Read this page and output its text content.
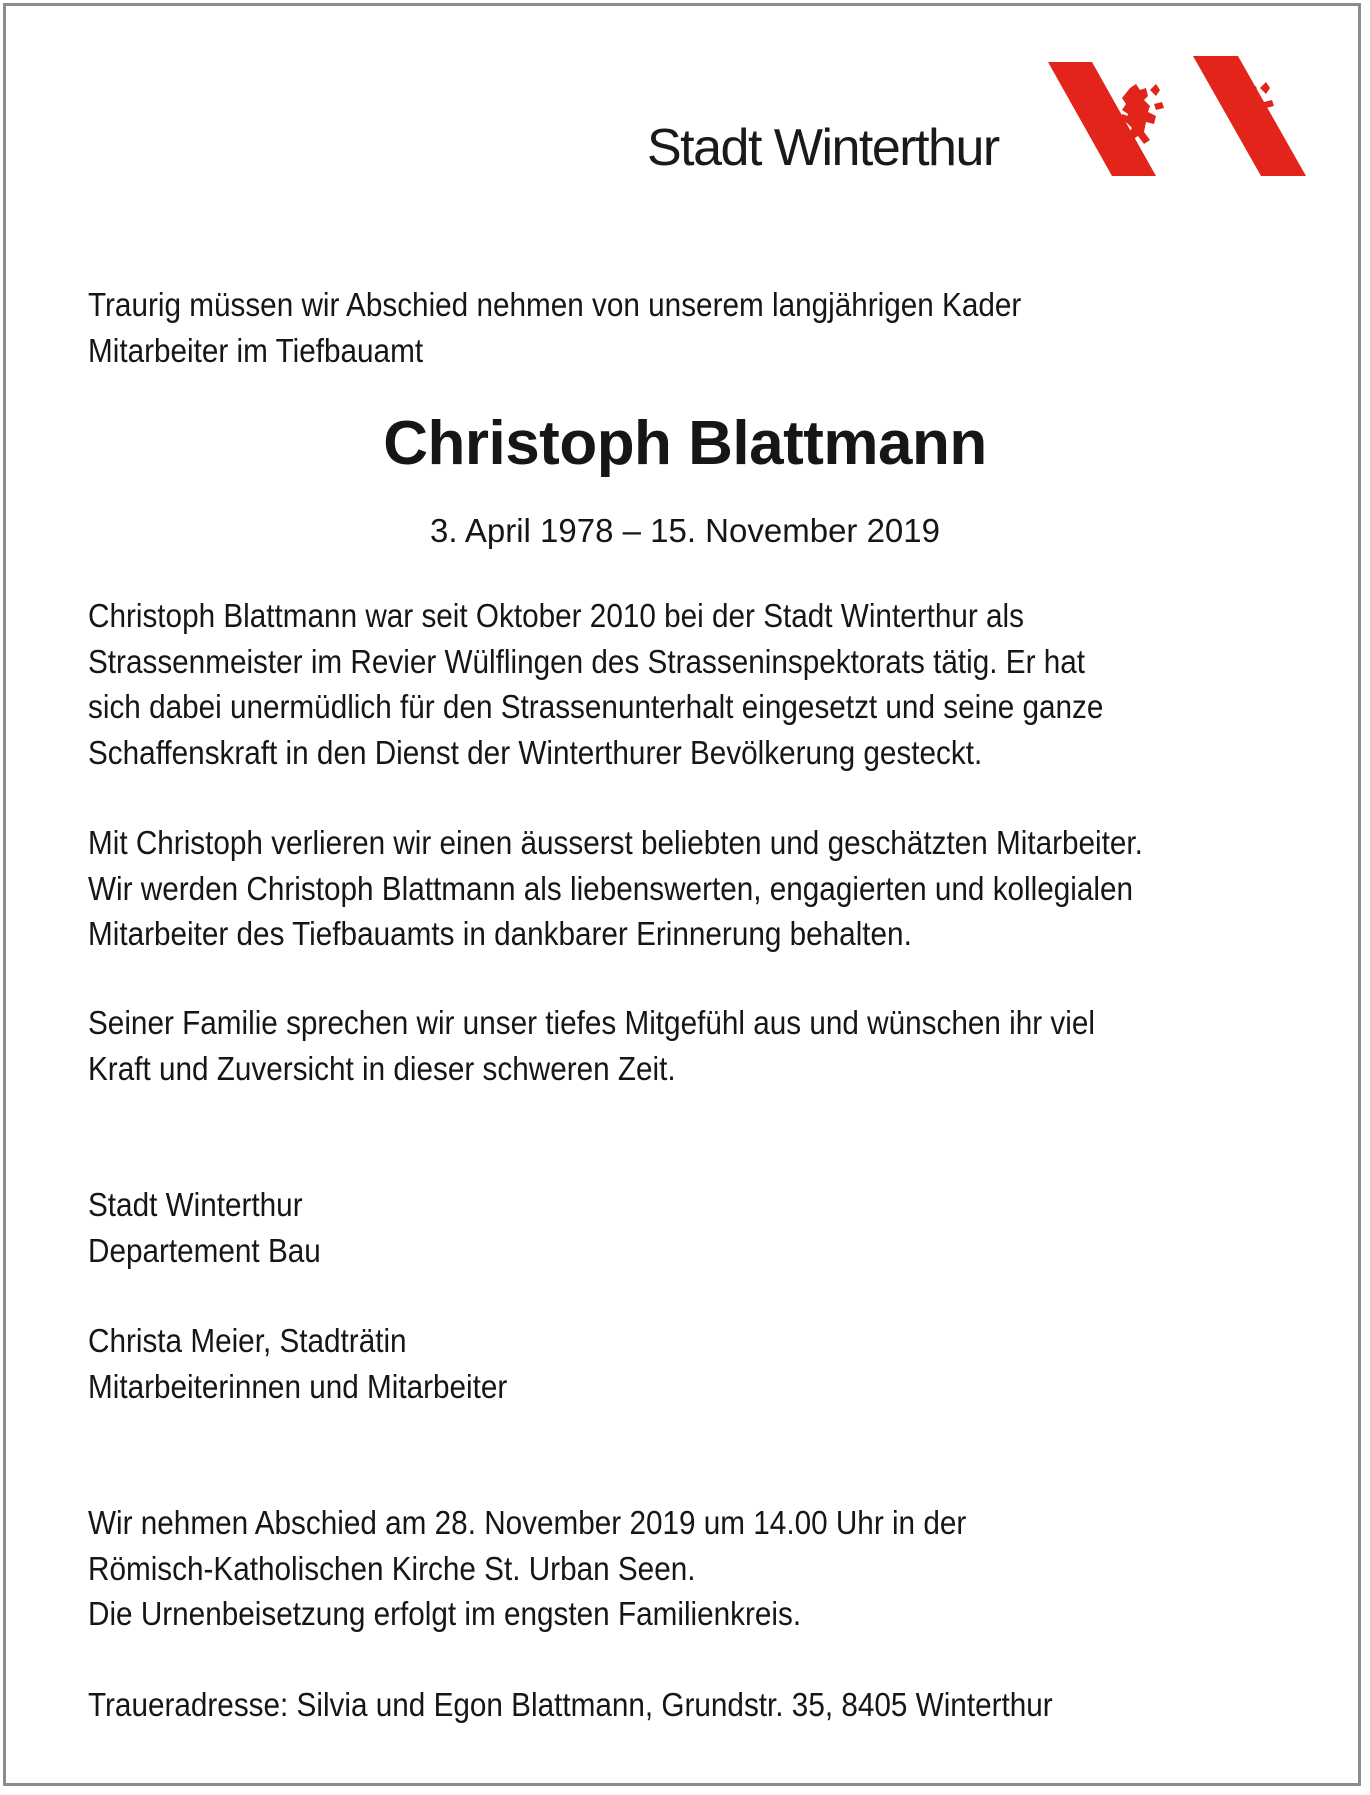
Stadt Winterthur
Traurig müssen wir Abschied nehmen von unserem langjährigen Kader
Mitarbeiter im Tiefbauamt
Christoph Blattmann
3. April 1978 – 15. November 2019
Christoph Blattmann war seit Oktober 2010 bei der Stadt Winterthur als
Strassenmeister im Revier Wülflingen des Strasseninspektorats tätig. Er hat
sich dabei unermüdlich für den Strassenunterhalt eingesetzt und seine ganze
Schaffenskraft in den Dienst der Winterthurer Bevölkerung gesteckt.
Mit Christoph verlieren wir einen äusserst beliebten und geschätzten Mitarbeiter.
Wir werden Christoph Blattmann als liebenswerten, engagierten und kollegialen
Mitarbeiter des Tiefbauamts in dankbarer Erinnerung behalten.
Seiner Familie sprechen wir unser tiefes Mitgefühl aus und wünschen ihr viel
Kraft und Zuversicht in dieser schweren Zeit.
Stadt Winterthur
Departement Bau
Christa Meier, Stadträtin
Mitarbeiterinnen und Mitarbeiter
Wir nehmen Abschied am 28. November 2019 um 14.00 Uhr in der
Römisch-Katholischen Kirche St. Urban Seen.
Die Urnenbeisetzung erfolgt im engsten Familienkreis.
Traueradresse: Silvia und Egon Blattmann, Grundstr. 35, 8405 Winterthur
